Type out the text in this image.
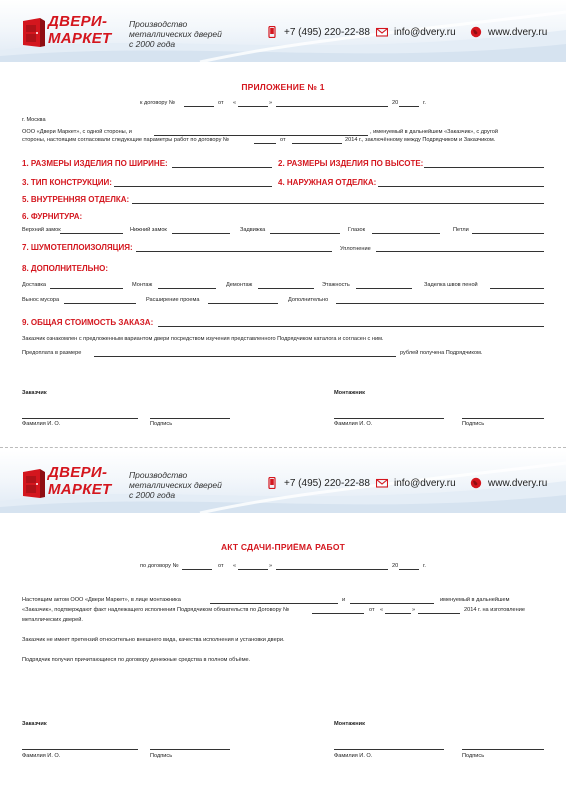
ДВЕРИ-
МАРКЕТ
Производство
металлических дверей
с 2000 года
+7 (495) 220-22-88 info@dvery.ru	www.dvery.ru
ПРИЛОЖЕНИЕ № 1
к договору №	от «	»	20	г.
г. Москва
ООО «Двери Маркет», с одной стороны, и	, именуемый в дальнейшем «Заказчик», с другой
стороны, настоящим согласовали следующие параметры работ по договору №	от	2014 г., заключённому между Подрядчиком и Заказчиком.
1. РАЗМЕРЫ ИЗДЕЛИЯ ПО ШИРИНЕ:	2. РАЗМЕРЫ ИЗДЕЛИЯ ПО ВЫСОТЕ:
3. ТИП КОНСТРУКЦИИ:	4. НАРУЖНАЯ ОТДЕЛКА:
5. ВНУТРЕННЯЯ ОТДЕЛКА:
6. ФУРНИТУРА:
Верхний замок	Нижний замок	Задвижка	Глазок	Петли
7. ШУМОТЕПЛОИЗОЛЯЦИЯ:	Уплотнение
8. ДОПОЛНИТЕЛЬНО:
Доставка	Монтаж	Демонтаж	Этажность	Заделка швов пеной
Вынос мусора	Расширение проема	Дополнительно
9. ОБЩАЯ СТОИМОСТЬ ЗАКАЗА:
Заказчик ознакомлен с предложенным вариантом двери посредством изучения представленного Подрядчиком каталога и согласен с ним.
Предоплата в размере	рублей получена Подрядчиком.
Заказчик
Фамилия И. О.	Подпись
Монтажник
Фамилия И. О.	Подпись
ДВЕРИ-
МАРКЕТ
Производство
металлических дверей
с 2000 года
+7 (495) 220-22-88 info@dvery.ru	www.dvery.ru
АКТ СДАЧИ-ПРИЁМА РАБОТ
по договору №	от «	»	20	г.
Настоящим актом ООО «Двери Маркет», в лице монтажника	и	именуемый в дальнейшем
«Заказчик», подтверждают факт надлежащего исполнения Подрядчиком обязательств по Договору №	от «	»	2014 г. на изготовление
металлических дверей.
Заказчик не имеет претензий относительно внешнего вида, качества исполнения и установки двери.
Подрядчик получил причитающиеся по договору денежные средства в полном объёме.
Заказчик
Фамилия И. О.	Подпись
Монтажник
Фамилия И. О.	Подпись
